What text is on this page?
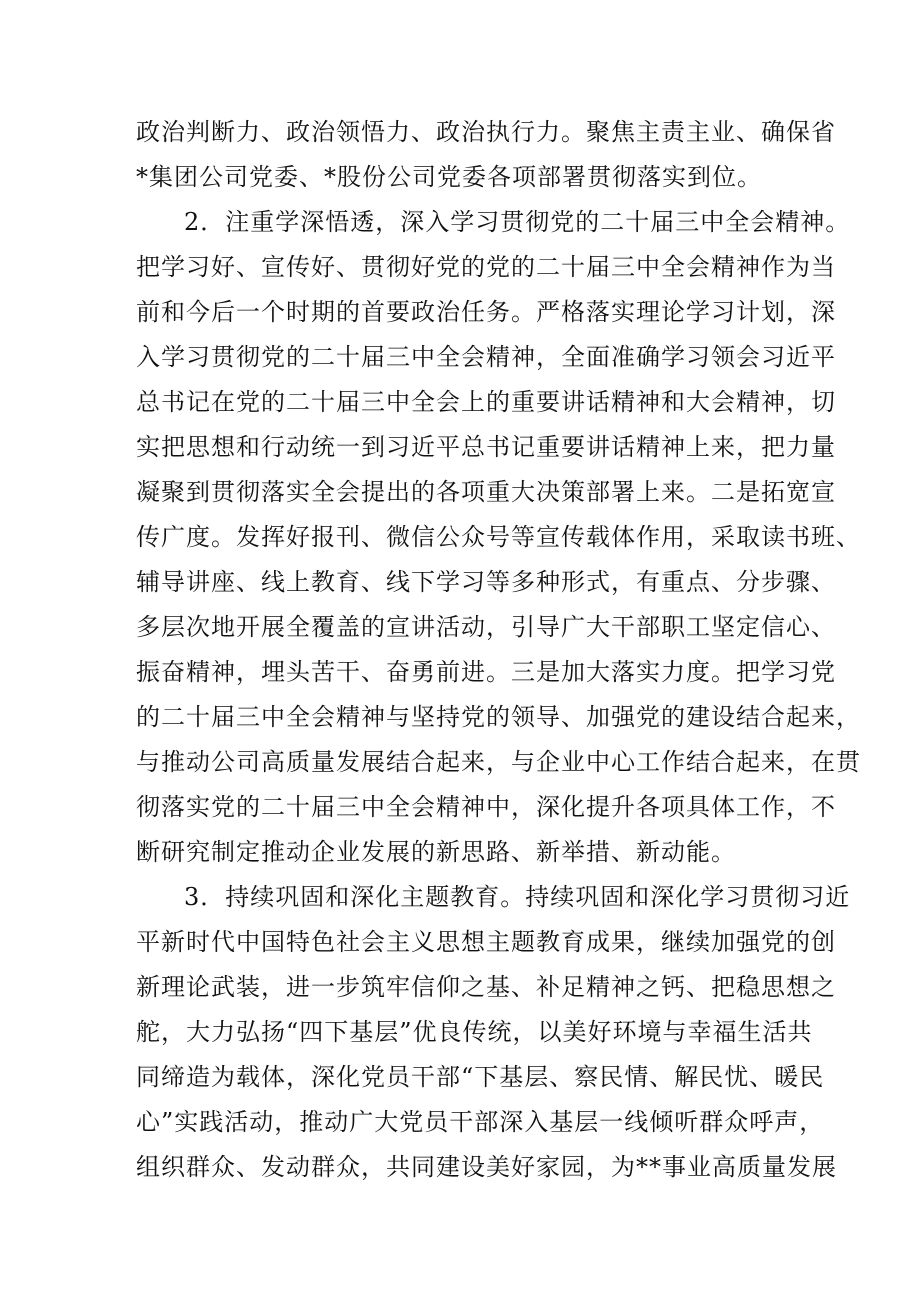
政治判断力、政治领悟力、政治执行力。聚焦主责主业、确保省
*集团公司党委、*股份公司党委各项部署贯彻落实到位。
2．注重学深悟透，深入学习贯彻党的二十届三中全会精神。
把学习好、宣传好、贯彻好党的党的二十届三中全会精神作为当
前和今后一个时期的首要政治任务。严格落实理论学习计划，深
入学习贯彻党的二十届三中全会精神，全面准确学习领会习近平
总书记在党的二十届三中全会上的重要讲话精神和大会精神，切
实把思想和行动统一到习近平总书记重要讲话精神上来，把力量
凝聚到贯彻落实全会提出的各项重大决策部署上来。二是拓宽宣
传广度。发挥好报刊、微信公众号等宣传载体作用，采取读书班、
辅导讲座、线上教育、线下学习等多种形式，有重点、分步骤、
多层次地开展全覆盖的宣讲活动，引导广大干部职工坚定信心、
振奋精神，埋头苦干、奋勇前进。三是加大落实力度。把学习党
的二十届三中全会精神与坚持党的领导、加强党的建设结合起来，
与推动公司高质量发展结合起来，与企业中心工作结合起来，在贯
彻落实党的二十届三中全会精神中，深化提升各项具体工作，不
断研究制定推动企业发展的新思路、新举措、新动能。
3．持续巩固和深化主题教育。持续巩固和深化学习贯彻习近
平新时代中国特色社会主义思想主题教育成果，继续加强党的创
新理论武装，进一步筑牢信仰之基、补足精神之钙、把稳思想之
舵，大力弘扬“四下基层”优良传统，以美好环境与幸福生活共
同缔造为载体，深化党员干部“下基层、察民情、解民忧、暖民
心”实践活动，推动广大党员干部深入基层一线倾听群众呼声，
组织群众、发动群众，共同建设美好家园，为**事业高质量发展
